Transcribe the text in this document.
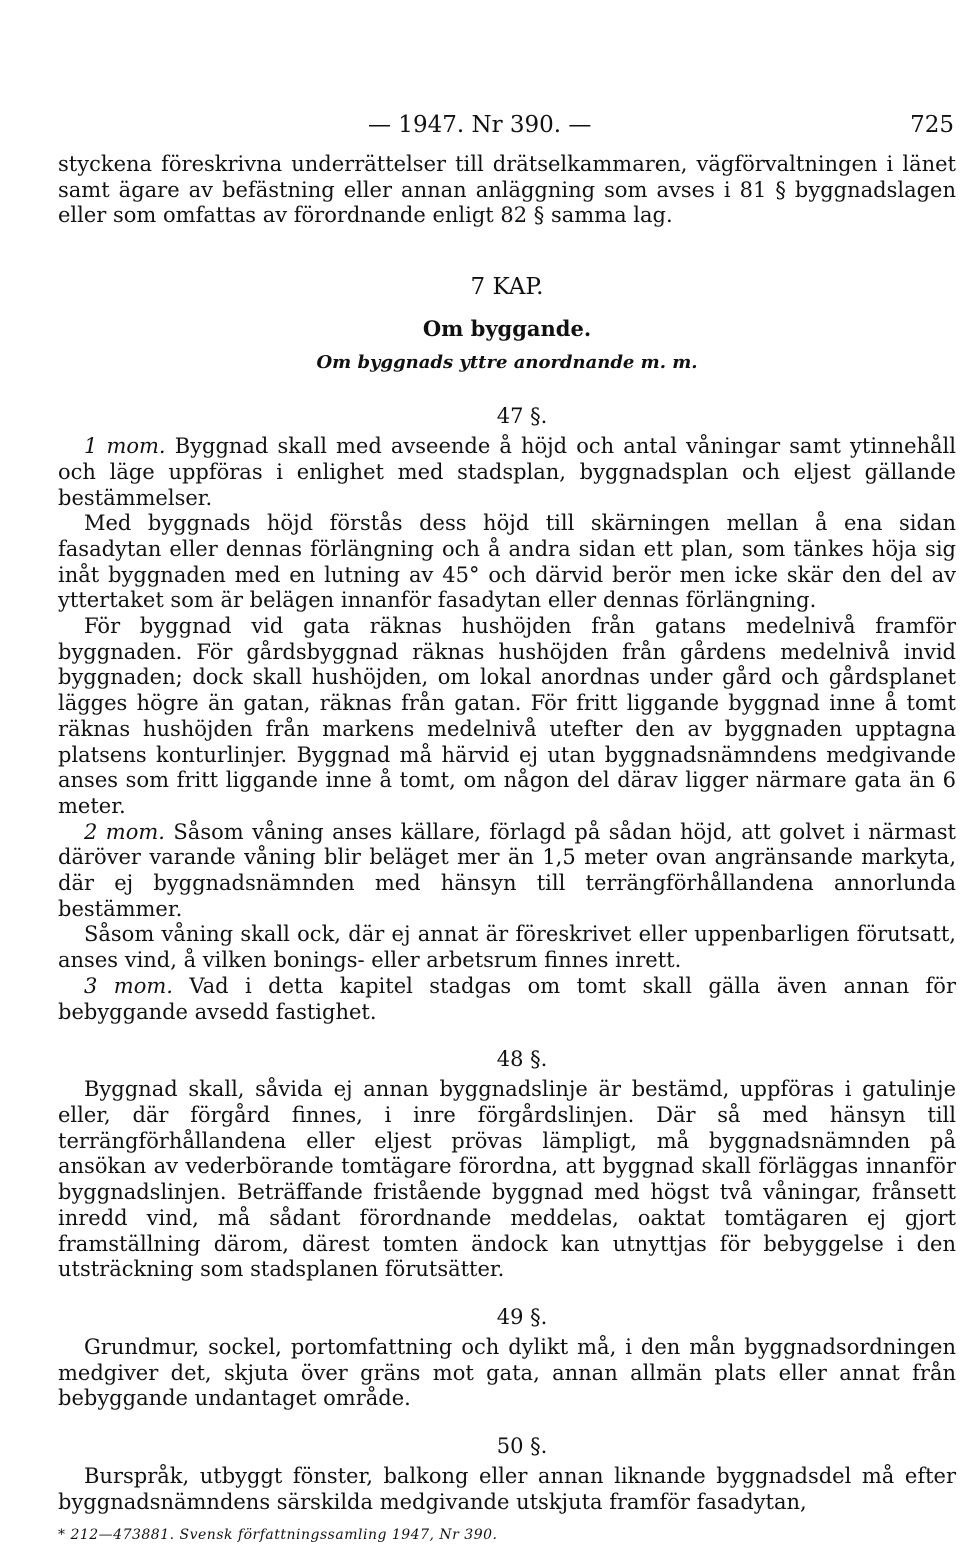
— 1947. Nr 390. —	725

styckena föreskrivna underrättelser till drätselkammaren, vägförvaltningen i länet samt ägare av befästning eller annan anläggning som avses i 81 § byggnadslagen eller som omfattas av förordnande enligt 82 § samma lag.

7 KAP.
Om byggande.
Om byggnads yttre anordnande m. m.
47 §.

1 mom. Byggnad skall med avseende å höjd och antal våningar samt ytinnehåll och läge uppföras i enlighet med stadsplan, byggnadsplan och eljest gällande bestämmelser.

Med byggnads höjd förstås dess höjd till skärningen mellan å ena sidan fasadytan eller dennas förlängning och å andra sidan ett plan, som tänkes höja sig inåt byggnaden med en lutning av 45° och därvid berör men icke skär den del av yttertaket som är belägen innanför fasadytan eller dennas förlängning.

För byggnad vid gata räknas hushöjden från gatans medelnivå framför byggnaden. För gårdsbyggnad räknas hushöjden från gårdens medelnivå invid byggnaden; dock skall hushöjden, om lokal anordnas under gård och gårdsplanet lägges högre än gatan, räknas från gatan. För fritt liggande byggnad inne å tomt räknas hushöjden från markens medelnivå utefter den av byggnaden upptagna platsens konturlinjer. Byggnad må härvid ej utan byggnadsnämndens medgivande anses som fritt liggande inne å tomt, om någon del därav ligger närmare gata än 6 meter.

2 mom. Såsom våning anses källare, förlagd på sådan höjd, att golvet i närmast däröver varande våning blir beläget mer än 1,5 meter ovan angränsande markyta, där ej byggnadsnämnden med hänsyn till terrängförhållandena annorlunda bestämmer.

Såsom våning skall ock, där ej annat är föreskrivet eller uppenbarligen förutsatt, anses vind, å vilken bonings- eller arbetsrum finnes inrett.

3 mom. Vad i detta kapitel stadgas om tomt skall gälla även annan för bebyggande avsedd fastighet.

48 §.

Byggnad skall, såvida ej annan byggnadslinje är bestämd, uppföras i gatulinje eller, där förgård finnes, i inre förgårdslinjen. Där så med hänsyn till terrängförhållandena eller eljest prövas lämpligt, må byggnadsnämnden på ansökan av vederbörande tomtägare förordna, att byggnad skall förläggas innanför byggnadslinjen. Beträffande fristående byggnad med högst två våningar, frånsett inredd vind, må sådant förordnande meddelas, oaktat tomtägaren ej gjort framställning därom, därest tomten ändock kan utnyttjas för bebyggelse i den utsträckning som stadsplanen förutsätter.

49 §.

Grundmur, sockel, portomfattning och dylikt må, i den mån byggnadsordningen medgiver det, skjuta över gräns mot gata, annan allmän plats eller annat från bebyggande undantaget område.

50 §.

Burspråk, utbyggt fönster, balkong eller annan liknande byggnadsdel må efter byggnadsnämndens särskilda medgivande utskjuta framför fasadytan,

* 212—473881. Svensk författningssamling 1947, Nr 390.
